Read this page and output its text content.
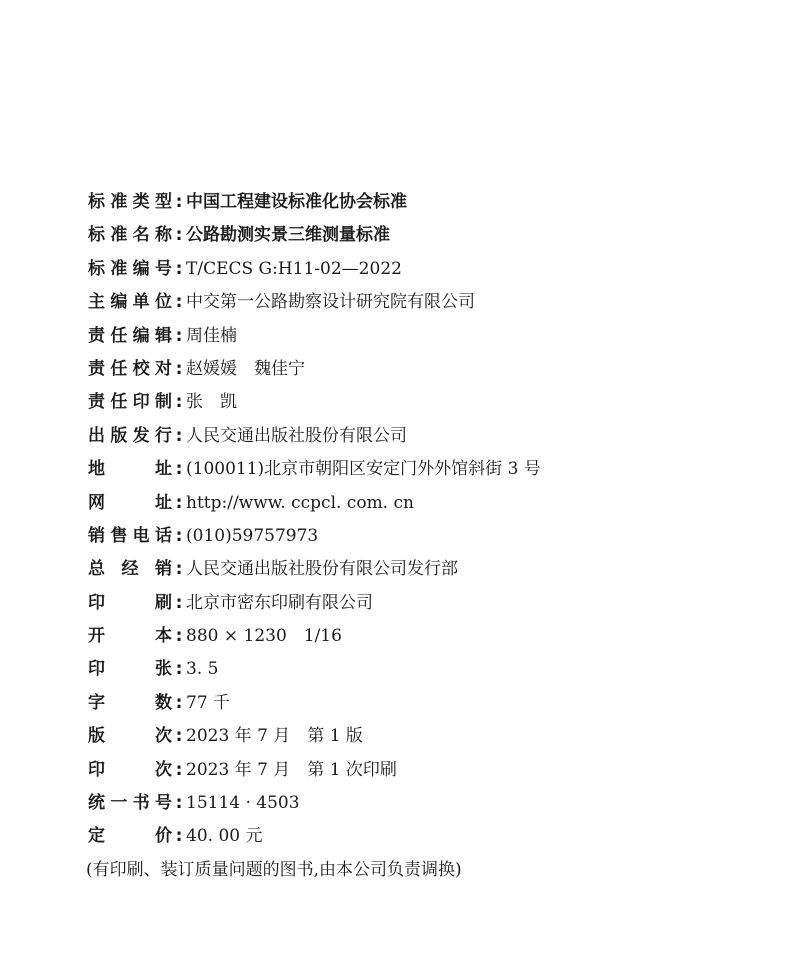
标 准 类 型 : 中国工程建设标准化协会标准
标 准 名 称 : 公路勘测实景三维测量标准
标 准 编 号 : T/CECS G:H11-02—2022
主 编 单 位 : 中交第一公路勘察设计研究院有限公司
责 任 编 辑 : 周佳楠
责 任 校 对 : 赵媛媛　魏佳宁
责 任 印 制 : 张　凯
出 版 发 行 : 人民交通出版社股份有限公司
地	址 : (100011)北京市朝阳区安定门外外馆斜街 3 号
网	址 : http://www. ccpcl. com. cn
销 售 电 话 : (010)59757973
总 经 销 : 人民交通出版社股份有限公司发行部
印	刷 : 北京市密东印刷有限公司
开	本 : 880 × 1230　1/16
印	张 : 3. 5
字	数 : 77 千
版	次 : 2023 年 7 月　第 1 版
印	次 : 2023 年 7 月　第 1 次印刷
统 一 书 号 : 15114 · 4503
定	价 : 40. 00 元
(有印刷、装订质量问题的图书,由本公司负责调换)
